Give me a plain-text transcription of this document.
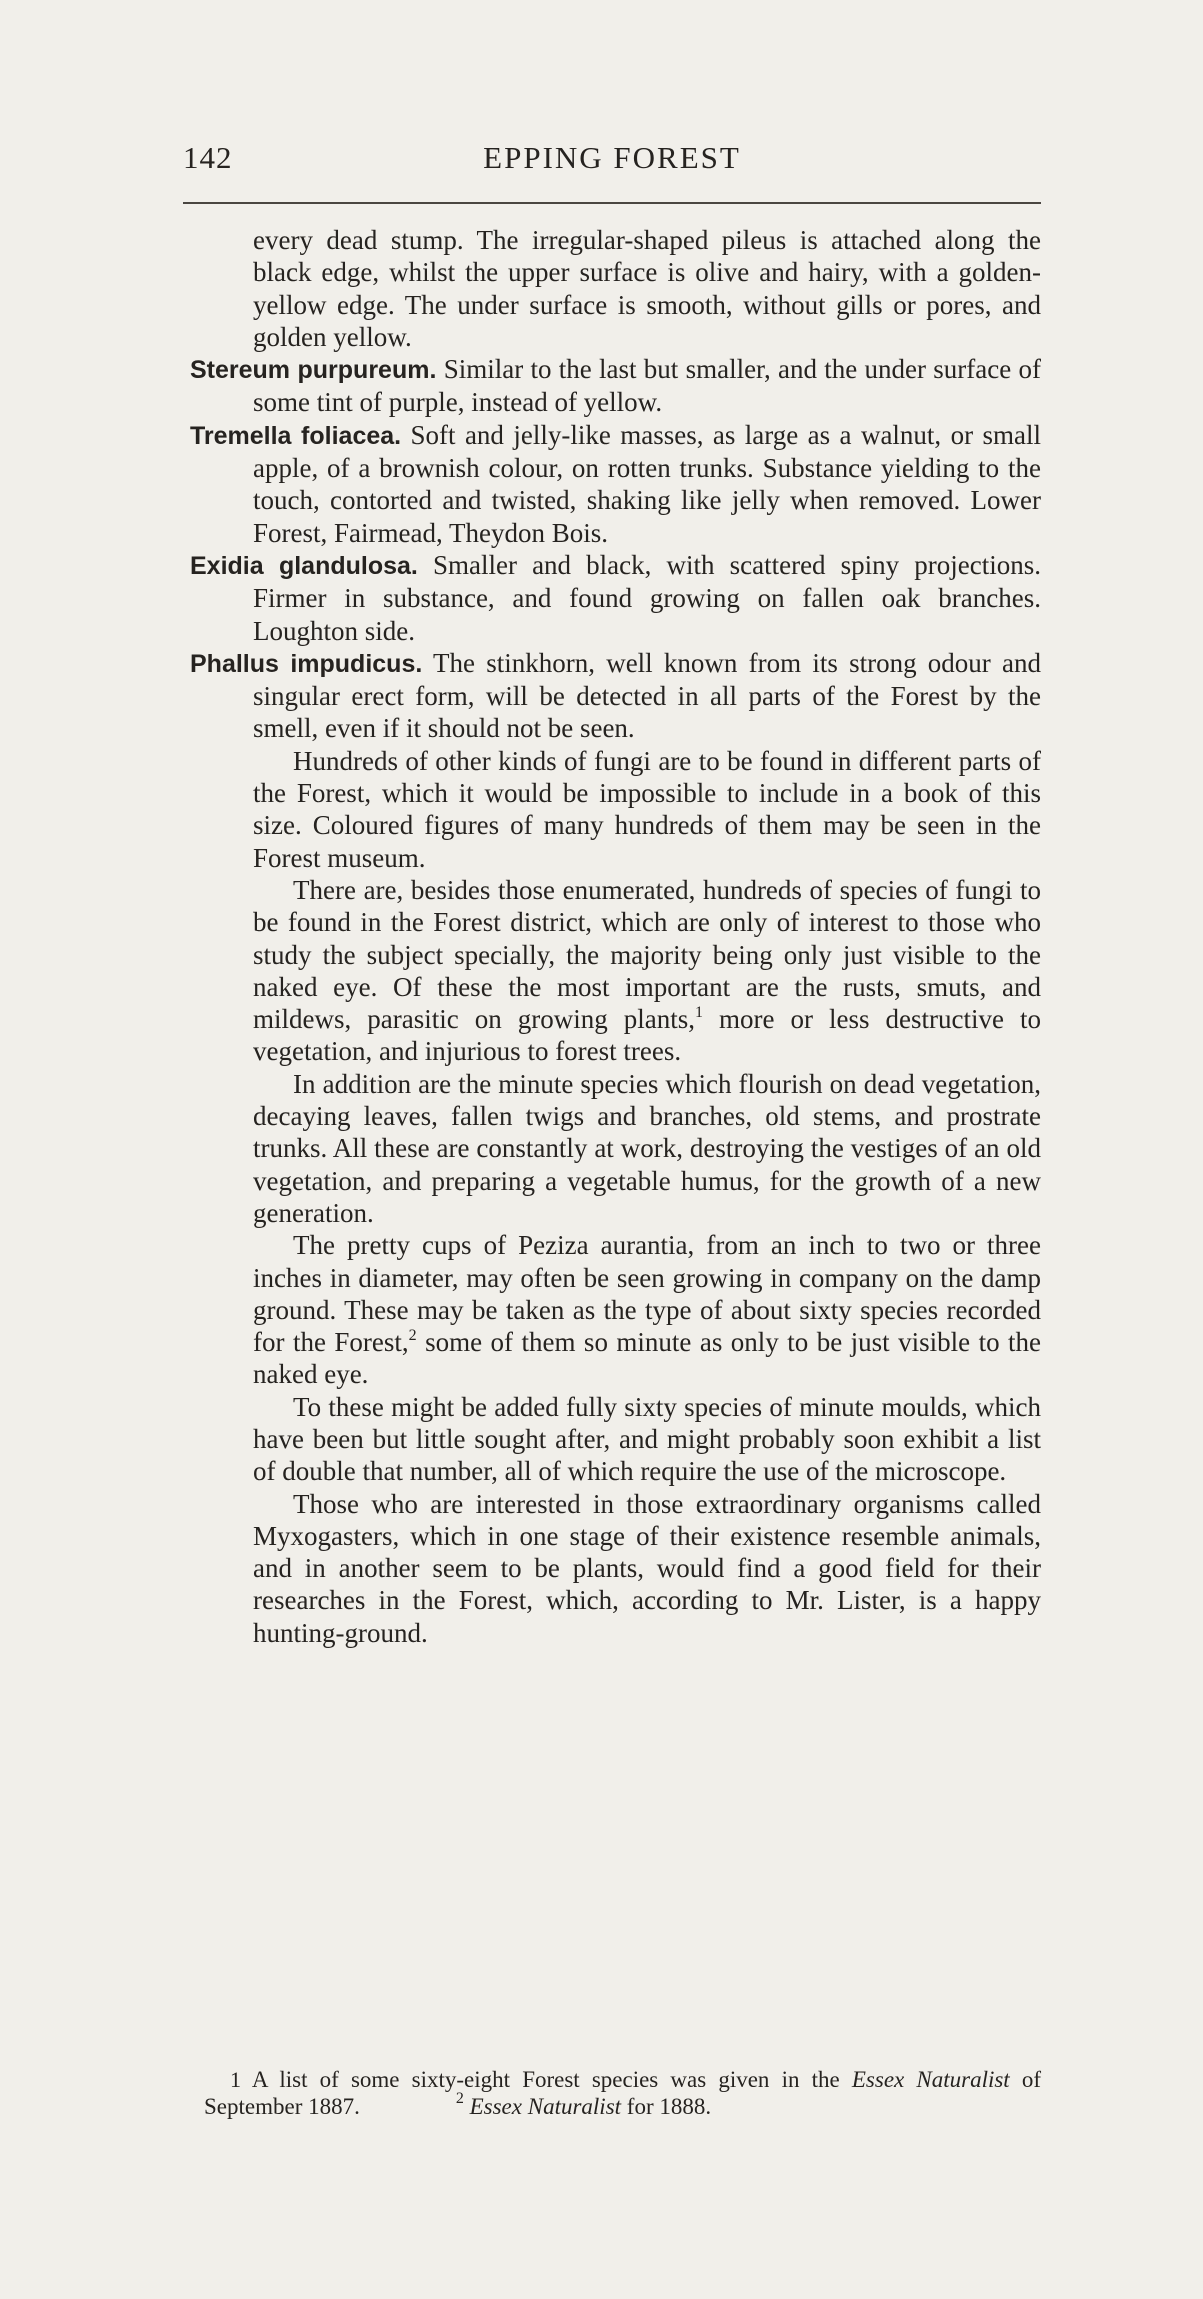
142	EPPING FOREST

every dead stump. The irregular-shaped pileus is attached along the black edge, whilst the upper surface is olive and hairy, with a golden-yellow edge. The under surface is smooth, without gills or pores, and golden yellow.

Stereum purpureum. Similar to the last but smaller, and the under surface of some tint of purple, instead of yellow.

Tremella foliacea. Soft and jelly-like masses, as large as a walnut, or small apple, of a brownish colour, on rotten trunks. Substance yielding to the touch, contorted and twisted, shaking like jelly when removed. Lower Forest, Fairmead, Theydon Bois.

Exidia glandulosa. Smaller and black, with scattered spiny projections. Firmer in substance, and found growing on fallen oak branches. Loughton side.

Phallus impudicus. The stinkhorn, well known from its strong odour and singular erect form, will be detected in all parts of the Forest by the smell, even if it should not be seen.

Hundreds of other kinds of fungi are to be found in different parts of the Forest, which it would be impossible to include in a book of this size. Coloured figures of many hundreds of them may be seen in the Forest museum.

There are, besides those enumerated, hundreds of species of fungi to be found in the Forest district, which are only of interest to those who study the subject specially, the majority being only just visible to the naked eye. Of these the most important are the rusts, smuts, and mildews, parasitic on growing plants,$^1$ more or less destructive to vegetation, and injurious to forest trees.

In addition are the minute species which flourish on dead vegetation, decaying leaves, fallen twigs and branches, old stems, and prostrate trunks. All these are constantly at work, destroying the vestiges of an old vegetation, and preparing a vegetable humus, for the growth of a new generation.

The pretty cups of Peziza aurantia, from an inch to two or three inches in diameter, may often be seen growing in company on the damp ground. These may be taken as the type of about sixty species recorded for the Forest,$^2$ some of them so minute as only to be just visible to the naked eye.

To these might be added fully sixty species of minute moulds, which have been but little sought after, and might probably soon exhibit a list of double that number, all of which require the use of the microscope.

Those who are interested in those extraordinary organisms called Myxogasters, which in one stage of their existence resemble animals, and in another seem to be plants, would find a good field for their researches in the Forest, which, according to Mr. Lister, is a happy hunting-ground.

1 A list of some sixty-eight Forest species was given in the Essex Naturalist of September 1887.	$^2$ Essex Naturalist for 1888.
